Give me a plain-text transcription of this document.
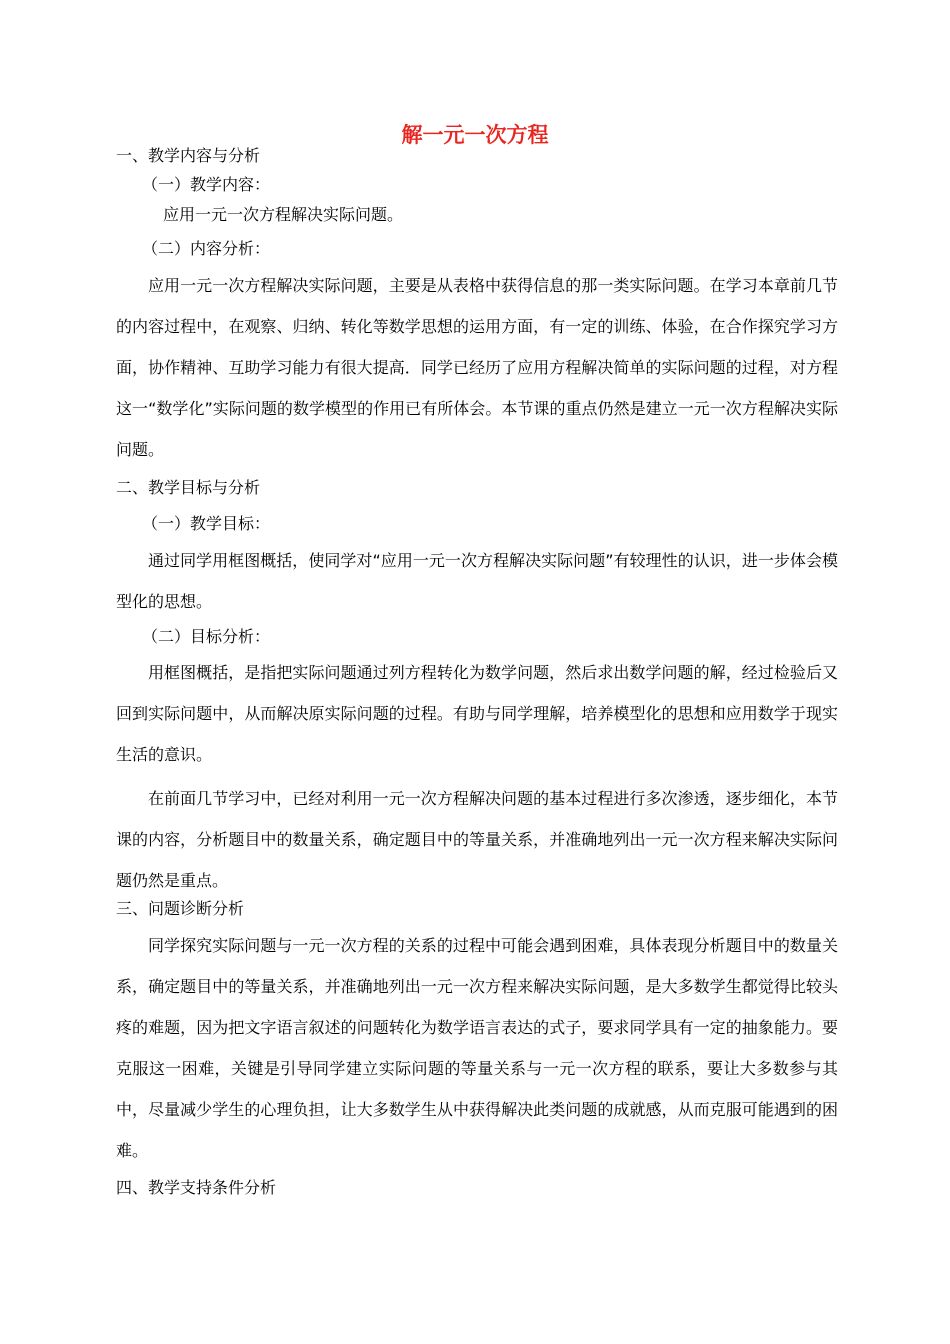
解一元一次方程
一、教学内容与分析
（一）教学内容：
应用一元一次方程解决实际问题。
（二）内容分析：
应用一元一次方程解决实际问题，主要是从表格中获得信息的那一类实际问题。在学习本章前几节的内容过程中，在观察、归纳、转化等数学思想的运用方面，有一定的训练、体验，在合作探究学习方面，协作精神、互助学习能力有很大提高．同学已经历了应用方程解决简单的实际问题的过程，对方程这一“数学化”实际问题的数学模型的作用已有所体会。本节课的重点仍然是建立一元一次方程解决实际问题。
二、教学目标与分析
（一）教学目标：
通过同学用框图概括，使同学对“应用一元一次方程解决实际问题”有较理性的认识，进一步体会模型化的思想。
（二）目标分析：
用框图概括，是指把实际问题通过列方程转化为数学问题，然后求出数学问题的解，经过检验后又回到实际问题中，从而解决原实际问题的过程。有助与同学理解，培养模型化的思想和应用数学于现实生活的意识。
在前面几节学习中，已经对利用一元一次方程解决问题的基本过程进行多次渗透，逐步细化，本节课的内容，分析题目中的数量关系，确定题目中的等量关系，并准确地列出一元一次方程来解决实际问题仍然是重点。
三、问题诊断分析
同学探究实际问题与一元一次方程的关系的过程中可能会遇到困难，具体表现分析题目中的数量关系，确定题目中的等量关系，并准确地列出一元一次方程来解决实际问题，是大多数学生都觉得比较头疼的难题，因为把文字语言叙述的问题转化为数学语言表达的式子，要求同学具有一定的抽象能力。要克服这一困难，关键是引导同学建立实际问题的等量关系与一元一次方程的联系，要让大多数参与其中，尽量减少学生的心理负担，让大多数学生从中获得解决此类问题的成就感，从而克服可能遇到的困难。
四、教学支持条件分析
